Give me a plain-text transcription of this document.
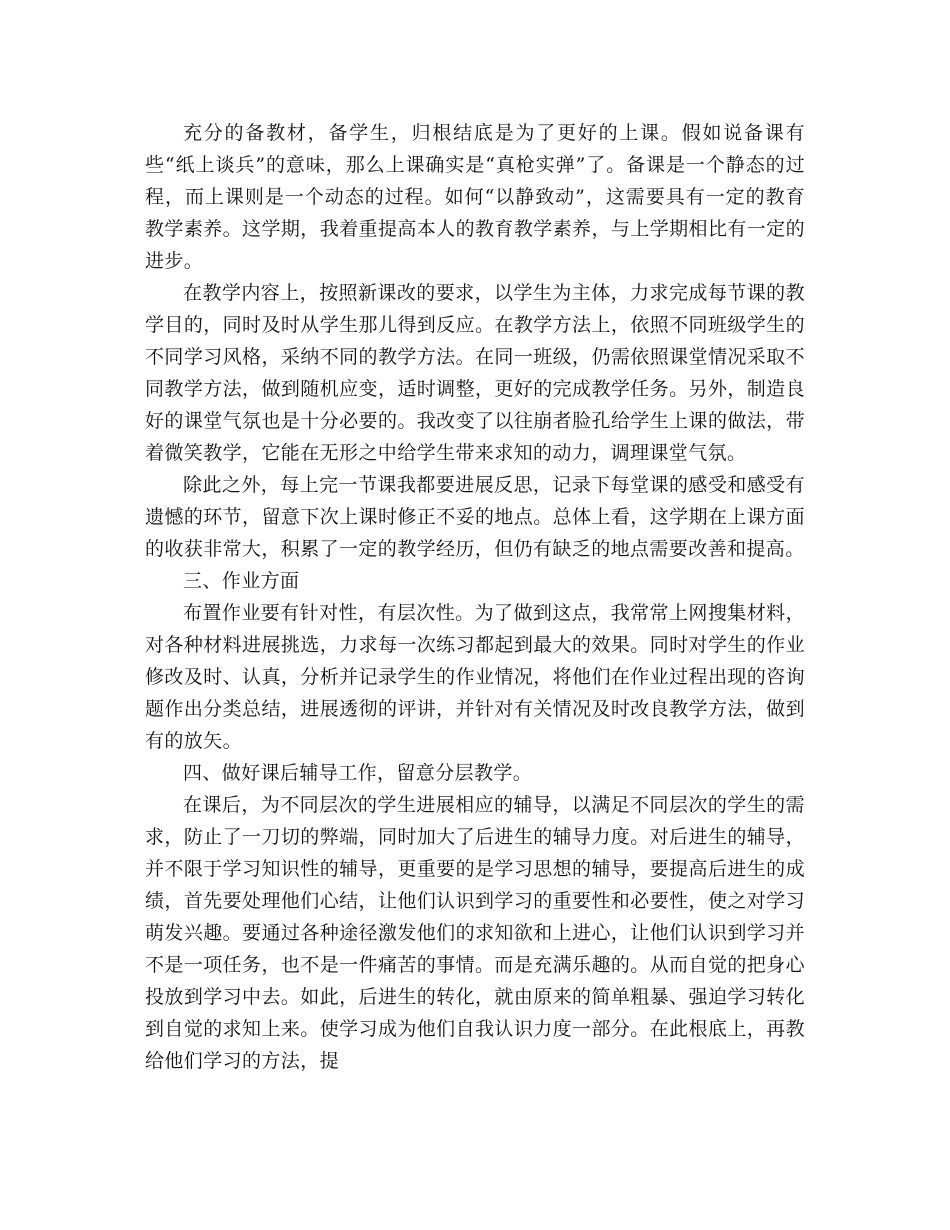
充分的备教材，备学生，归根结底是为了更好的上课。假如说备课有些“纸上谈兵”的意味，那么上课确实是“真枪实弹”了。备课是一个静态的过程，而上课则是一个动态的过程。如何“以静致动”，这需要具有一定的教育教学素养。这学期，我着重提高本人的教育教学素养，与上学期相比有一定的进步。

在教学内容上，按照新课改的要求，以学生为主体，力求完成每节课的教学目的，同时及时从学生那儿得到反应。在教学方法上，依照不同班级学生的不同学习风格，采纳不同的教学方法。在同一班级，仍需依照课堂情况采取不同教学方法，做到随机应变，适时调整，更好的完成教学任务。另外，制造良好的课堂气氛也是十分必要的。我改变了以往崩者脸孔给学生上课的做法，带着微笑教学，它能在无形之中给学生带来求知的动力，调理课堂气氛。

除此之外，每上完一节课我都要进展反思，记录下每堂课的感受和感受有遗憾的环节，留意下次上课时修正不妥的地点。总体上看，这学期在上课方面的收获非常大，积累了一定的教学经历，但仍有缺乏的地点需要改善和提高。

三、作业方面

布置作业要有针对性，有层次性。为了做到这点，我常常上网搜集材料，对各种材料进展挑选，力求每一次练习都起到最大的效果。同时对学生的作业修改及时、认真，分析并记录学生的作业情况，将他们在作业过程出现的咨询题作出分类总结，进展透彻的评讲，并针对有关情况及时改良教学方法，做到有的放矢。

四、做好课后辅导工作，留意分层教学。

在课后，为不同层次的学生进展相应的辅导，以满足不同层次的学生的需求，防止了一刀切的弊端，同时加大了后进生的辅导力度。对后进生的辅导，并不限于学习知识性的辅导，更重要的是学习思想的辅导，要提高后进生的成绩，首先要处理他们心结，让他们认识到学习的重要性和必要性，使之对学习萌发兴趣。要通过各种途径激发他们的求知欲和上进心，让他们认识到学习并不是一项任务，也不是一件痛苦的事情。而是充满乐趣的。从而自觉的把身心投放到学习中去。如此，后进生的转化，就由原来的简单粗暴、强迫学习转化到自觉的求知上来。使学习成为他们自我认识力度一部分。在此根底上，再教给他们学习的方法，提
